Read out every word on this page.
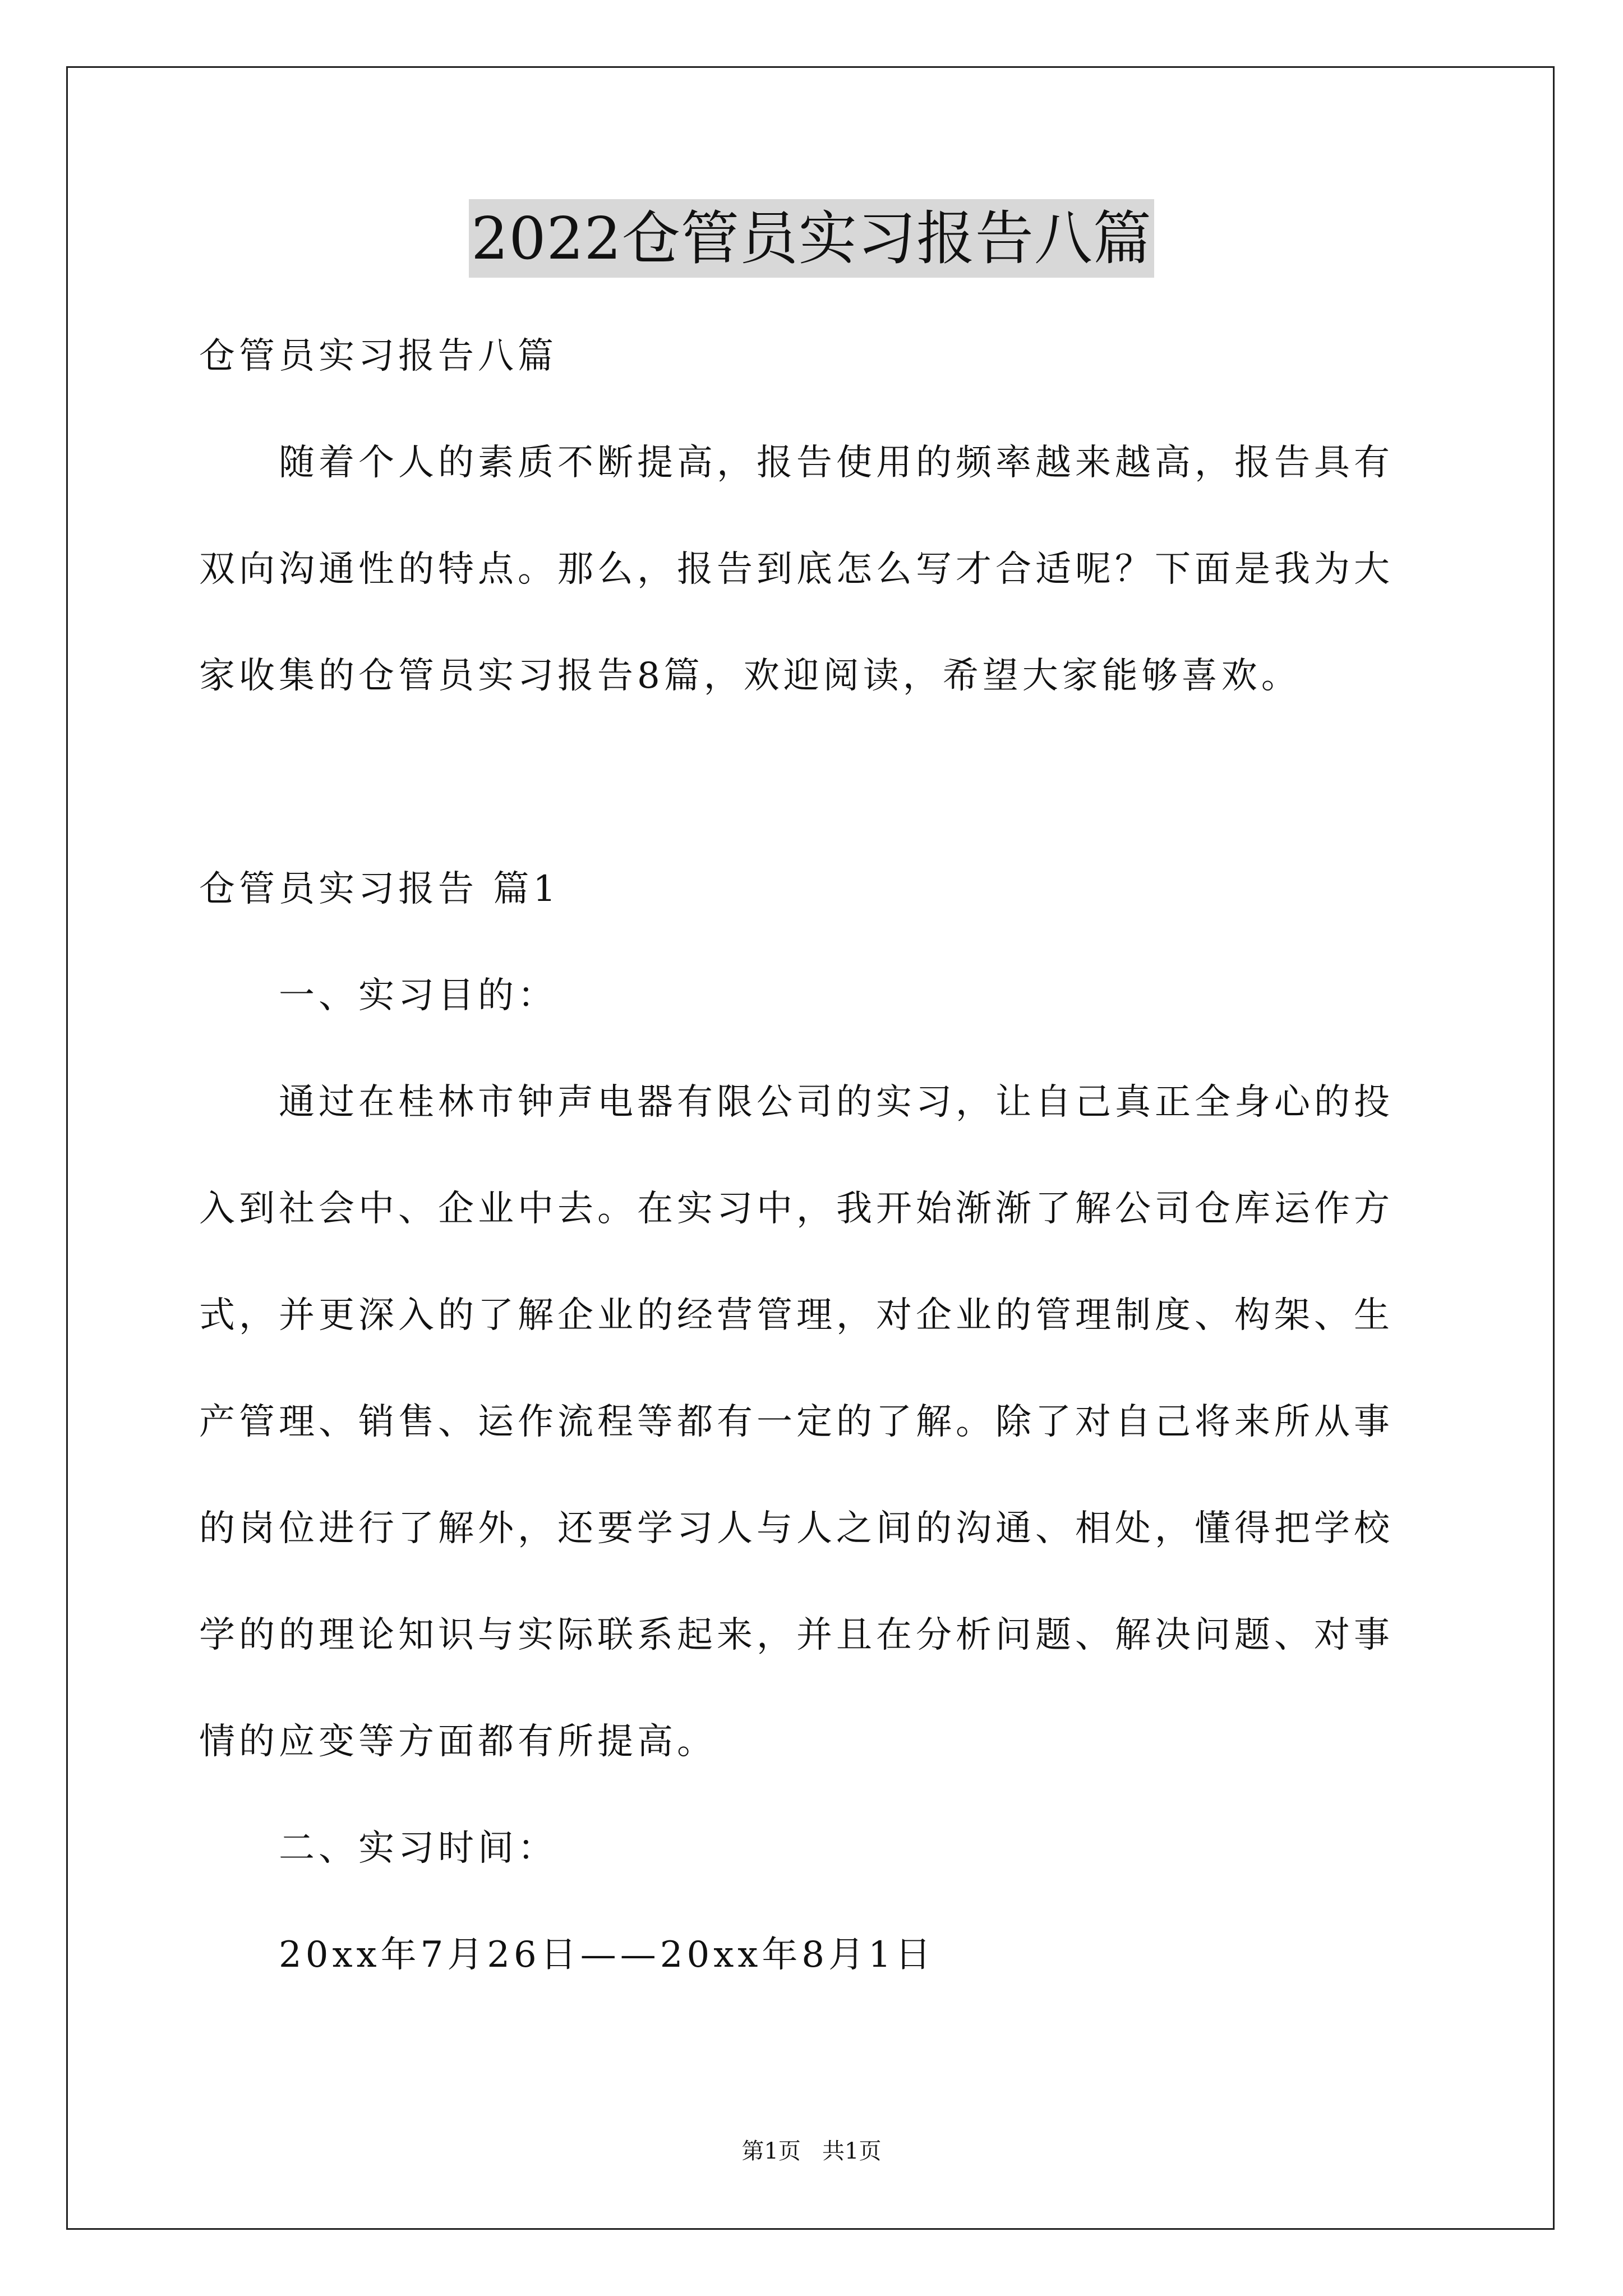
2022仓管员实习报告八篇
仓管员实习报告八篇
随着个人的素质不断提高，报告使用的频率越来越高，报告具有
双向沟通性的特点。那么，报告到底怎么写才合适呢？下面是我为大
家收集的仓管员实习报告8篇，欢迎阅读，希望大家能够喜欢。
仓管员实习报告 篇1
一、实习目的：
通过在桂林市钟声电器有限公司的实习，让自己真正全身心的投
入到社会中、企业中去。在实习中，我开始渐渐了解公司仓库运作方
式，并更深入的了解企业的经营管理，对企业的管理制度、构架、生
产管理、销售、运作流程等都有一定的了解。除了对自己将来所从事
的岗位进行了解外，还要学习人与人之间的沟通、相处，懂得把学校
学的的理论知识与实际联系起来，并且在分析问题、解决问题、对事
情的应变等方面都有所提高。
二、实习时间：
20xx年7月26日——20xx年8月1日
第1页   共1页
